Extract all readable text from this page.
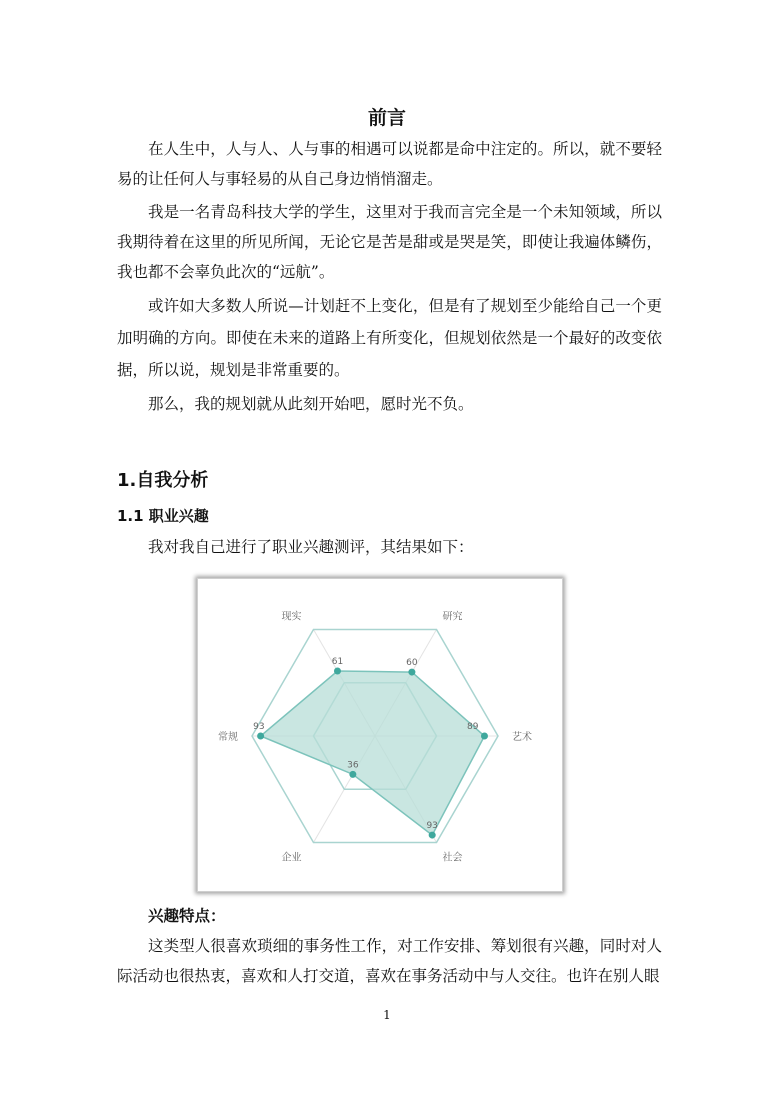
前言

在人生中，人与人、人与事的相遇可以说都是命中注定的。所以，就不要轻易的让任何人与事轻易的从自己身边悄悄溜走。

我是一名青岛科技大学的学生，这里对于我而言完全是一个未知领域，所以我期待着在这里的所见所闻，无论它是苦是甜或是哭是笑，即使让我遍体鳞伤，我也都不会辜负此次的“远航”。

或许如大多数人所说—计划赶不上变化，但是有了规划至少能给自己一个更加明确的方向。即使在未来的道路上有所变化，但规划依然是一个最好的改变依据，所以说，规划是非常重要的。

那么，我的规划就从此刻开始吧，愿时光不负。

1.自我分析
1.1 职业兴趣

我对我自己进行了职业兴趣测评，其结果如下：

61	60
89
93
36
93
现实	研究
艺术
社会
企业
常规
兴趣特点：

这类型人很喜欢琐细的事务性工作，对工作安排、筹划很有兴趣，同时对人际活动也很热衷，喜欢和人打交道，喜欢在事务活动中与人交往。也许在别人眼

1
